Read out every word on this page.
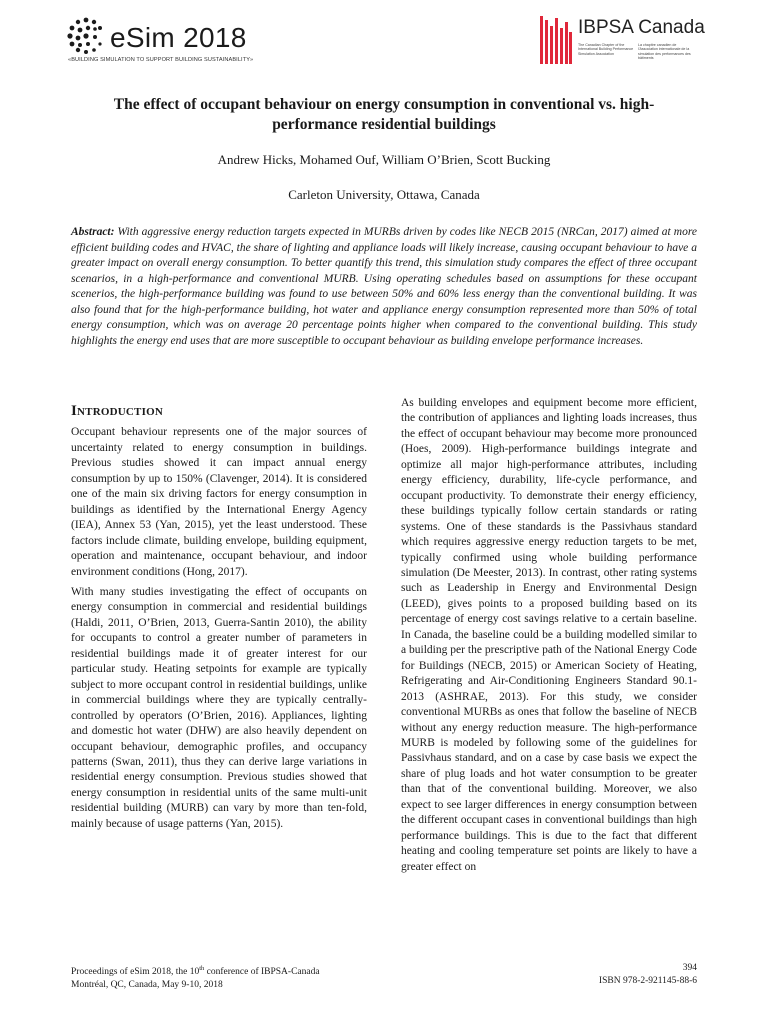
eSim 2018
«BUILDING SIMULATION TO SUPPORT BUILDING SUSTAINABILITY»
IBPSA Canada
The Canadian Chapter of the International Building Performance Simulation Association
La chapitre canadien de l'Association internationale de la simulation des performances des bâtiments
The effect of occupant behaviour on energy consumption in conventional vs. high-
performance residential buildings

Andrew Hicks, Mohamed Ouf, William O’Brien, Scott Bucking

Carleton University, Ottawa, Canada

Abstract: With aggressive energy reduction targets expected in MURBs driven by codes like NECB 2015 (NRCan, 2017) aimed at more efficient building codes and HVAC, the share of lighting and appliance loads will likely increase, causing occupant behaviour to have a greater impact on overall energy consumption. To better quantify this trend, this simulation study compares the effect of three occupant scenarios, in a high-performance and conventional MURB. Using operating schedules based on assumptions for these occupant scenerios, the high-performance building was found to use between 50% and 60% less energy than the conventional building. It was also found that for the high-performance building, hot water and appliance energy consumption represented more than 50% of total energy consumption, which was on average 20 percentage points higher when compared to the conventional building. This study highlights the energy end uses that are more susceptible to occupant behaviour as building envelope performance increases.

Introduction

Occupant behaviour represents one of the major sources of uncertainty related to energy consumption in buildings. Previous studies showed it can impact annual energy consumption by up to 150% (Clavenger, 2014). It is considered one of the main six driving factors for energy consumption in buildings as identified by the International Energy Agency (IEA), Annex 53 (Yan, 2015), yet the least understood. These factors include climate, building envelope, building equipment, operation and maintenance, occupant behaviour, and indoor environment conditions (Hong, 2017).

With many studies investigating the effect of occupants on energy consumption in commercial and residential buildings (Haldi, 2011, O’Brien, 2013, Guerra-Santin 2010), the ability for occupants to control a greater number of parameters in residential buildings made it of greater interest for our particular study. Heating setpoints for example are typically subject to more occupant control in residential buildings, unlike in commercial buildings where they are typically centrally-controlled by operators (O’Brien, 2016). Appliances, lighting and domestic hot water (DHW) are also heavily dependent on occupant behaviour, demographic profiles, and occupancy patterns (Swan, 2011), thus they can derive large variations in residential energy consumption. Previous studies showed that energy consumption in residential units of the same multi-unit residential building (MURB) can vary by more than ten-fold, mainly because of usage patterns (Yan, 2015).

As building envelopes and equipment become more efficient, the contribution of appliances and lighting loads increases, thus the effect of occupant behaviour may become more pronounced (Hoes, 2009). High-performance buildings integrate and optimize all major high-performance attributes, including energy efficiency, durability, life-cycle performance, and occupant productivity. To demonstrate their energy efficiency, these buildings typically follow certain standards or rating systems. One of these standards is the Passivhaus standard which requires aggressive energy reduction targets to be met, typically confirmed using whole building performance simulation (De Meester, 2013). In contrast, other rating systems such as Leadership in Energy and Environmental Design (LEED), gives points to a proposed building based on its percentage of energy cost savings relative to a certain baseline. In Canada, the baseline could be a building modelled similar to a building per the prescriptive path of the National Energy Code for Buildings (NECB, 2015) or American Society of Heating, Refrigerating and Air-Conditioning Engineers Standard 90.1-2013 (ASHRAE, 2013). For this study, we consider conventional MURBs as ones that follow the baseline of NECB without any energy reduction measure. The high-performance MURB is modeled by following some of the guidelines for Passivhaus standard, and on a case by case basis we expect the share of plug loads and hot water consumption to be greater than that of the conventional building. Moreover, we also expect to see larger differences in energy consumption between the different occupant cases in conventional buildings than high performance buildings. This is due to the fact that different heating and cooling temperature set points are likely to have a greater effect on

Proceedings of eSim 2018, the 10th conference of IBPSA-Canada
Montréal, QC, Canada, May 9-10, 2018
394
ISBN 978-2-921145-88-6
